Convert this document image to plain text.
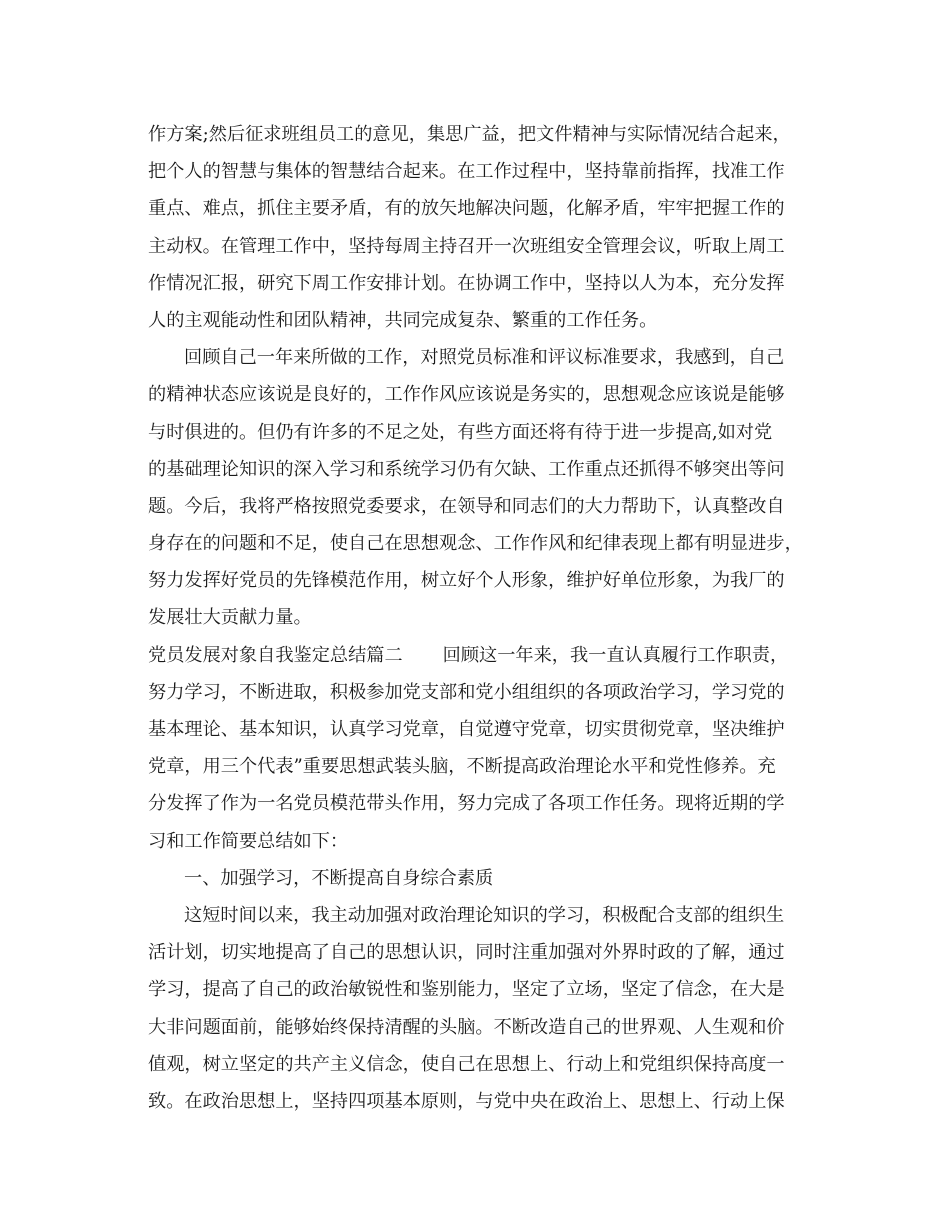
作方案;然后征求班组员工的意见，集思广益，把文件精神与实际情况结合起来，
把个人的智慧与集体的智慧结合起来。在工作过程中，坚持靠前指挥，找准工作
重点、难点，抓住主要矛盾，有的放矢地解决问题，化解矛盾，牢牢把握工作的
主动权。在管理工作中，坚持每周主持召开一次班组安全管理会议，听取上周工
作情况汇报，研究下周工作安排计划。在协调工作中，坚持以人为本，充分发挥
人的主观能动性和团队精神，共同完成复杂、繁重的工作任务。
回顾自己一年来所做的工作，对照党员标准和评议标准要求，我感到，自己
的精神状态应该说是良好的，工作作风应该说是务实的，思想观念应该说是能够
与时俱进的。但仍有许多的不足之处，有些方面还将有待于进一步提高,如对党
的基础理论知识的深入学习和系统学习仍有欠缺、工作重点还抓得不够突出等问
题。今后，我将严格按照党委要求，在领导和同志们的大力帮助下，认真整改自
身存在的问题和不足，使自己在思想观念、工作作风和纪律表现上都有明显进步，
努力发挥好党员的先锋模范作用，树立好个人形象，维护好单位形象，为我厂的
发展壮大贡献力量。
党员发展对象自我鉴定总结篇二 回顾这一年来，我一直认真履行工作职责，
努力学习，不断进取，积极参加党支部和党小组组织的各项政治学习，学习党的
基本理论、基本知识，认真学习党章，自觉遵守党章，切实贯彻党章，坚决维护
党章，用三个代表”重要思想武装头脑，不断提高政治理论水平和党性修养。充
分发挥了作为一名党员模范带头作用，努力完成了各项工作任务。现将近期的学
习和工作简要总结如下：
一、加强学习，不断提高自身综合素质
这短时间以来，我主动加强对政治理论知识的学习，积极配合支部的组织生
活计划，切实地提高了自己的思想认识，同时注重加强对外界时政的了解，通过
学习，提高了自己的政治敏锐性和鉴别能力，坚定了立场，坚定了信念，在大是
大非问题面前，能够始终保持清醒的头脑。不断改造自己的世界观、人生观和价
值观，树立坚定的共产主义信念，使自己在思想上、行动上和党组织保持高度一
致。在政治思想上，坚持四项基本原则，与党中央在政治上、思想上、行动上保
